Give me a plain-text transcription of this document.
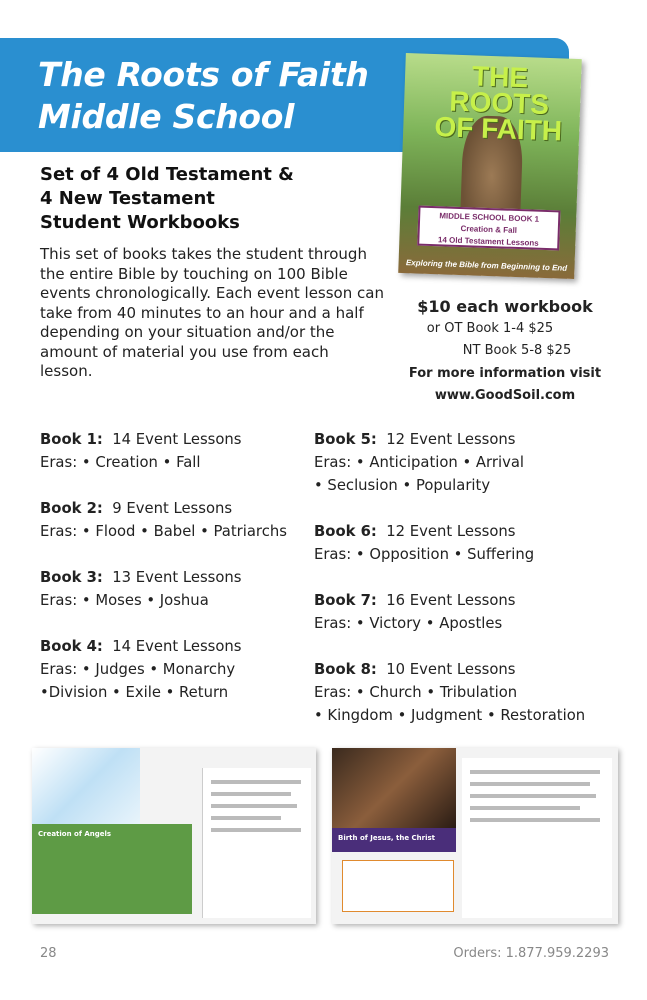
The Roots of Faith
Middle School
THE ROOTS OF FAITH
MIDDLE SCHOOL BOOK 1
Creation & Fall
14 Old Testament Lessons
Exploring the Bible from Beginning to End
Set of 4 Old Testament &
4 New Testament
Student Workbooks
This set of books takes the student through the entire Bible by touching on 100 Bible events chronologically. Each event lesson can take from 40 minutes to an hour and a half depending on your situation and/or the amount of material you use from each lesson.
$10 each workbook
or OT Book 1-4 $25
NT Book 5-8 $25
For more information visit
www.GoodSoil.com
Book 1: 14 Event Lessons
Eras: • Creation • Fall
Book 2: 9 Event Lessons
Eras: • Flood • Babel • Patriarchs
Book 3: 13 Event Lessons
Eras: • Moses • Joshua
Book 4: 14 Event Lessons
Eras: • Judges • Monarchy
•Division • Exile • Return
Book 5: 12 Event Lessons
Eras: • Anticipation • Arrival
• Seclusion • Popularity
Book 6: 12 Event Lessons
Eras: • Opposition • Suffering
Book 7: 16 Event Lessons
Eras: • Victory • Apostles
Book 8: 10 Event Lessons
Eras: • Church • Tribulation
• Kingdom • Judgment • Restoration
Creation of Angels	Birth of Jesus, the Christ
28	Orders: 1.877.959.2293
